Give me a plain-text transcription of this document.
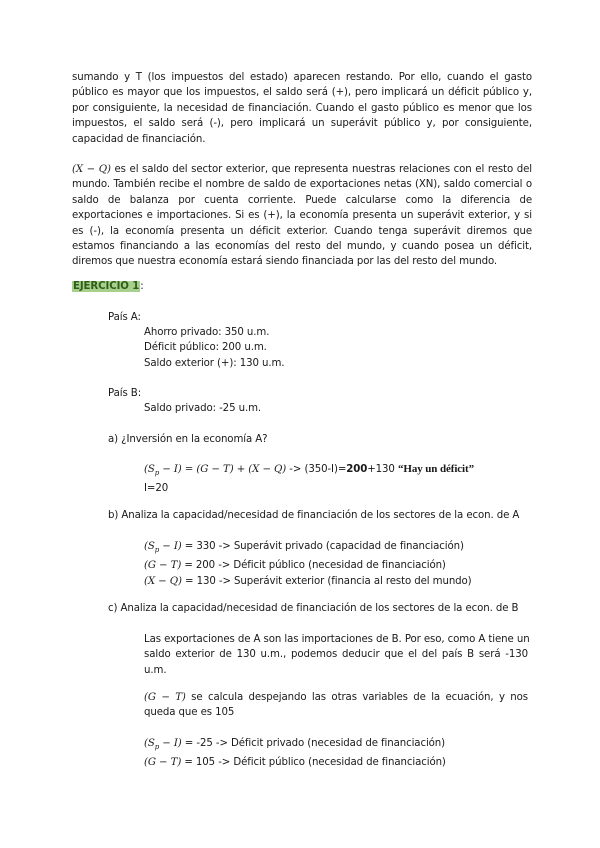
sumando y T (los impuestos del estado) aparecen restando. Por ello, cuando el gasto
público es mayor que los impuestos, el saldo será (+), pero implicará un déficit público y,
por consiguiente, la necesidad de financiación. Cuando el gasto público es menor que los
impuestos, el saldo será (-), pero implicará un superávit público y, por consiguiente,
capacidad de financiación.
(X − Q) es el saldo del sector exterior, que representa nuestras relaciones con el resto del
mundo. También recibe el nombre de saldo de exportaciones netas (XN), saldo comercial o
saldo de balanza por cuenta corriente. Puede calcularse como la diferencia de
exportaciones e importaciones. Si es (+), la economía presenta un superávit exterior, y si
es (-), la economía presenta un déficit exterior. Cuando tenga superávit diremos que
estamos financiando a las economías del resto del mundo, y cuando posea un déficit,
diremos que nuestra economía estará siendo financiada por las del resto del mundo.
EJERCICIO 1:
País A:
Ahorro privado: 350 u.m.
Déficit público: 200 u.m.
Saldo exterior (+): 130 u.m.
País B:
Saldo privado: -25 u.m.
a) ¿Inversión en la economía A?
$(S_p - I) = (G - T) + (X - Q) -> (350-I)=200+130$ “Hay un déficit”
I=20
b) Analiza la capacidad/necesidad de financiación de los sectores de la econ. de A
$(S_p - I) = 330$ -> Superávit privado (capacidad de financiación)
(G − T) = 200 -> Déficit público (necesidad de financiación)
(X − Q) = 130 -> Superávit exterior (financia al resto del mundo)
c) Analiza la capacidad/necesidad de financiación de los sectores de la econ. de B
Las exportaciones de A son las importaciones de B. Por eso, como A tiene un
saldo exterior de 130 u.m., podemos deducir que el del país B será -130
u.m.
(G − T) se calcula despejando las otras variables de la ecuación, y nos
queda que es 105
$(S_p - I) = -25$ -> Déficit privado (necesidad de financiación)
(G − T) = 105 -> Déficit público (necesidad de financiación)
